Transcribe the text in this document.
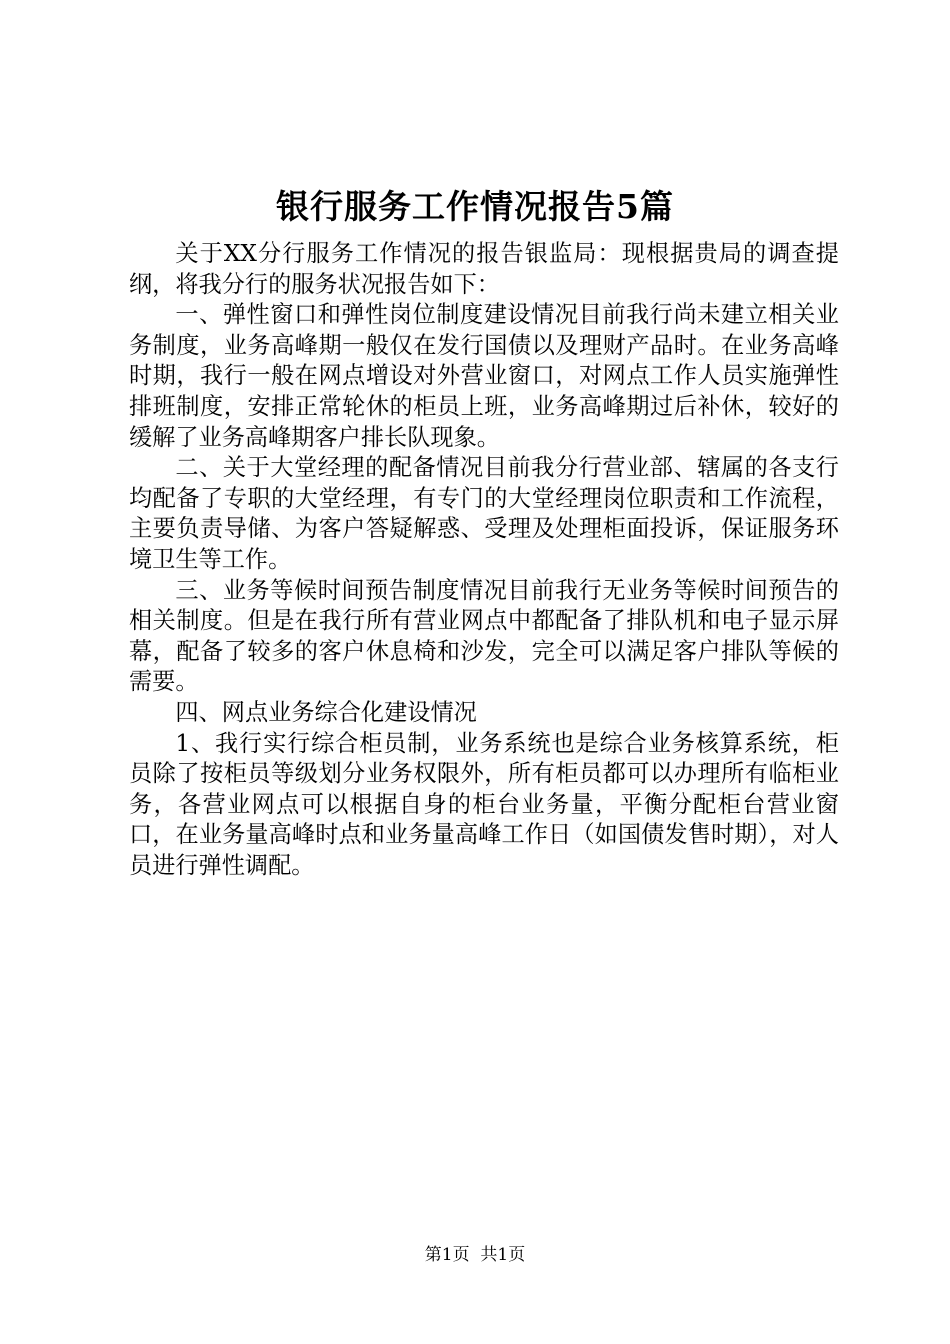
银行服务工作情况报告5篇

关于XX分行服务工作情况的报告银监局：现根据贵局的调查提纲，将我分行的服务状况报告如下：

一、弹性窗口和弹性岗位制度建设情况目前我行尚未建立相关业务制度，业务高峰期一般仅在发行国债以及理财产品时。在业务高峰时期，我行一般在网点增设对外营业窗口，对网点工作人员实施弹性排班制度，安排正常轮休的柜员上班，业务高峰期过后补休，较好的缓解了业务高峰期客户排长队现象。

二、关于大堂经理的配备情况目前我分行营业部、辖属的各支行均配备了专职的大堂经理，有专门的大堂经理岗位职责和工作流程，主要负责导储、为客户答疑解惑、受理及处理柜面投诉，保证服务环境卫生等工作。

三、业务等候时间预告制度情况目前我行无业务等候时间预告的相关制度。但是在我行所有营业网点中都配备了排队机和电子显示屏幕，配备了较多的客户休息椅和沙发，完全可以满足客户排队等候的需要。

四、网点业务综合化建设情况

1、我行实行综合柜员制，业务系统也是综合业务核算系统，柜员除了按柜员等级划分业务权限外，所有柜员都可以办理所有临柜业务，各营业网点可以根据自身的柜台业务量，平衡分配柜台营业窗口，在业务量高峰时点和业务量高峰工作日（如国债发售时期），对人员进行弹性调配。

第1页 共1页
